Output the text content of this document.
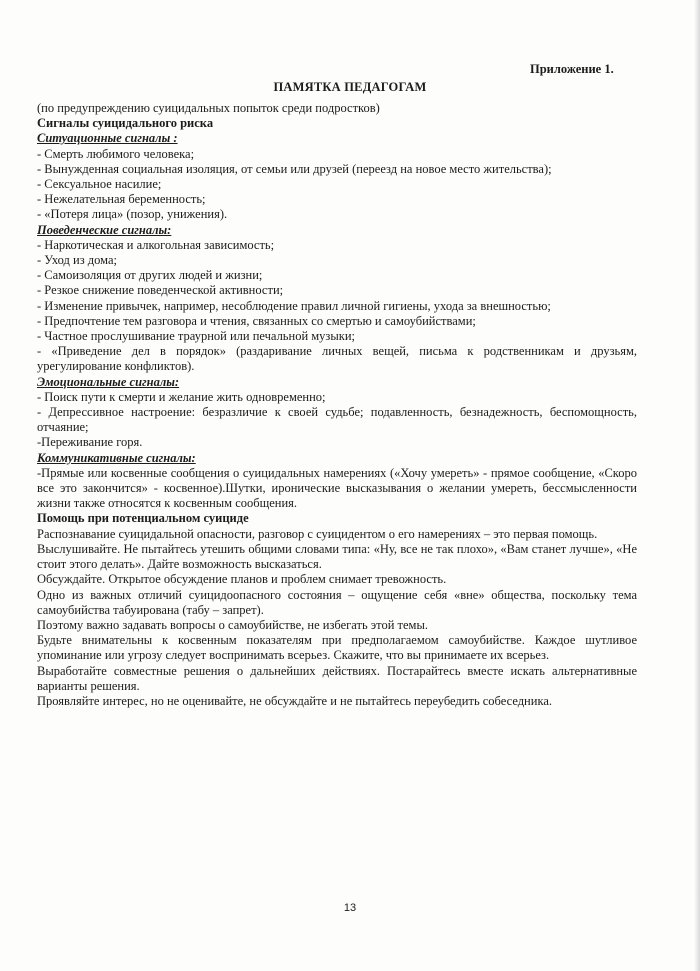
Приложение 1.
ПАМЯТКА ПЕДАГОГАМ

(по предупреждению суицидальных попыток среди подростков)

Сигналы суицидального риска

Ситуационные сигналы :

- Смерть любимого человека;

- Вынужденная социальная изоляция, от семьи или друзей (переезд на новое место жительства);

- Сексуальное насилие;

- Нежелательная беременность;

- «Потеря лица» (позор, унижения).

Поведенческие сигналы:

- Наркотическая и алкогольная зависимость;

- Уход из дома;

- Самоизоляция от других людей и жизни;

- Резкое снижение поведенческой активности;

- Изменение привычек, например, несоблюдение правил личной гигиены, ухода за внешностью;

- Предпочтение тем разговора и чтения, связанных со смертью и самоубийствами;

- Частное прослушивание траурной или печальной музыки;

- «Приведение дел в порядок» (раздаривание личных вещей, письма к родственникам и друзьям, урегулирование конфликтов).

Эмоциональные сигналы:

- Поиск пути к смерти и желание жить одновременно;

- Депрессивное настроение: безразличие к своей судьбе; подавленность, безнадежность, беспомощность, отчаяние;

-Переживание горя.

Коммуникативные сигналы:

-Прямые или косвенные сообщения о суицидальных намерениях («Хочу умереть» - прямое сообщение, «Скоро все это закончится» - косвенное).Шутки, иронические высказывания о желании умереть, бессмысленности жизни также относятся к косвенным сообщения.

Помощь при потенциальном суициде

Распознавание суицидальной опасности, разговор с суицидентом о его намерениях – это первая помощь.

Выслушивайте. Не пытайтесь утешить общими словами типа: «Ну, все не так плохо», «Вам станет лучше», «Не стоит этого делать». Дайте возможность высказаться.

Обсуждайте. Открытое обсуждение планов и проблем снимает тревожность.

Одно из важных отличий суицидоопасного состояния – ощущение себя «вне» общества, поскольку тема самоубийства табуирована (табу – запрет).

Поэтому важно задавать вопросы о самоубийстве, не избегать этой темы.

Будьте внимательны к косвенным показателям при предполагаемом самоубийстве. Каждое шутливое упоминание или угрозу следует воспринимать всерьез. Скажите, что вы принимаете их всерьез.

Выработайте совместные решения о дальнейших действиях. Постарайтесь вместе искать альтернативные варианты решения.

Проявляйте интерес, но не оценивайте, не обсуждайте и не пытайтесь переубедить собеседника.

13
